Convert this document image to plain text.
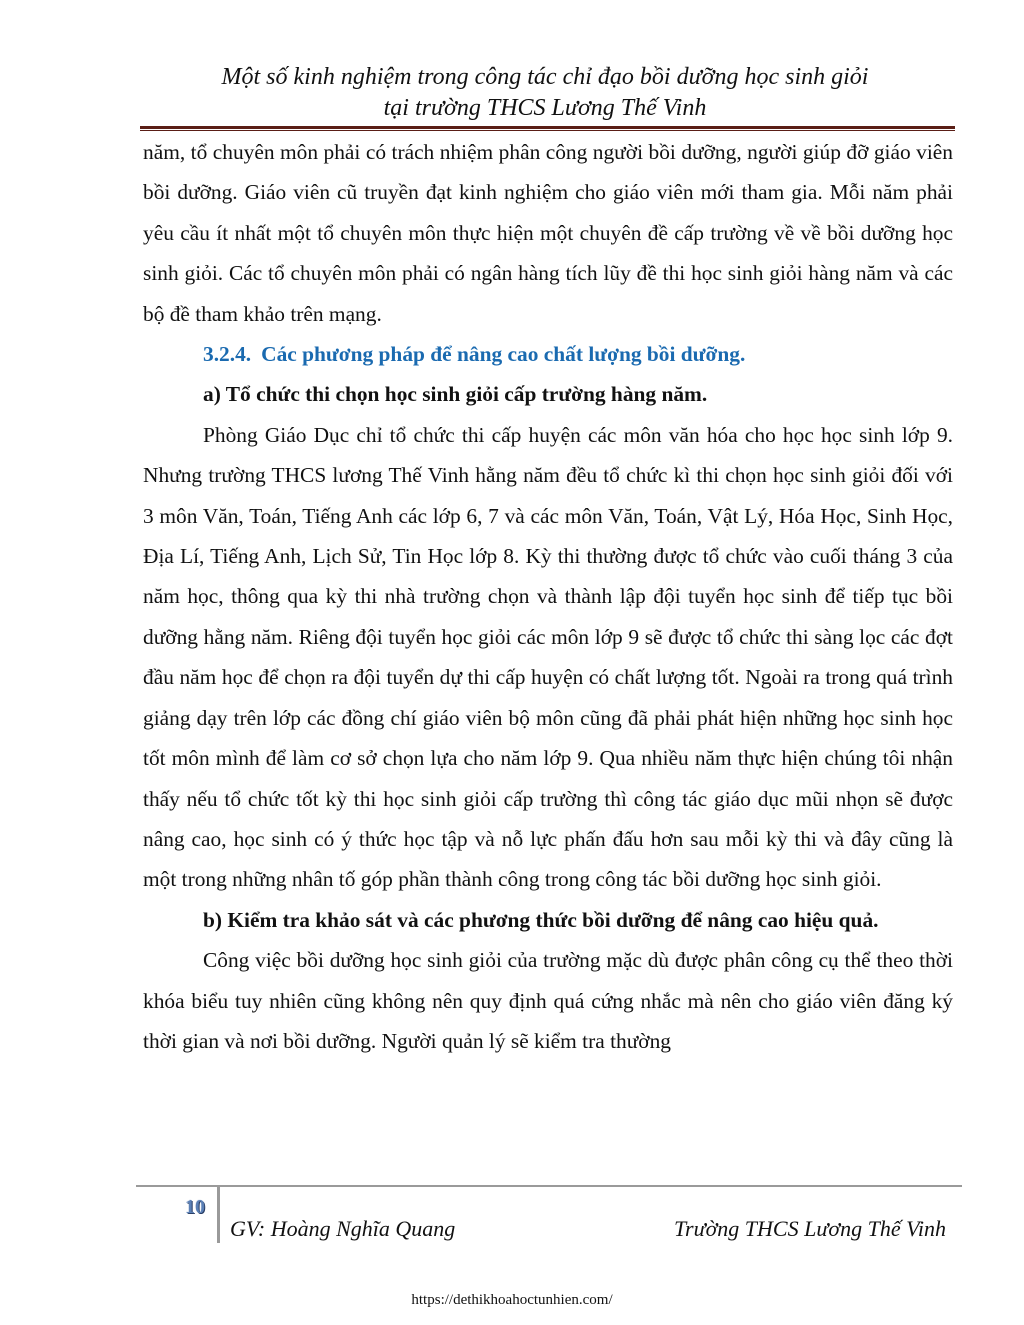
Một số kinh nghiệm trong công tác chỉ đạo bồi dưỡng học sinh giỏi
tại trường THCS Lương Thế Vinh

năm, tổ chuyên môn phải có trách nhiệm phân công người bồi dưỡng, người giúp đỡ giáo viên bồi dưỡng. Giáo viên cũ truyền đạt kinh nghiệm cho giáo viên mới tham gia. Mỗi năm phải yêu cầu ít nhất một tổ chuyên môn thực hiện một chuyên đề cấp trường về về bồi dưỡng học sinh giỏi. Các tổ chuyên môn phải có ngân hàng tích lũy đề thi học sinh giỏi hàng năm và các bộ đề tham khảo trên mạng.

3.2.4. Các phương pháp để nâng cao chất lượng bồi dưỡng.

a) Tổ chức thi chọn học sinh giỏi cấp trường hàng năm.

Phòng Giáo Dục chỉ tổ chức thi cấp huyện các môn văn hóa cho học học sinh lớp 9. Nhưng trường THCS lương Thế Vinh hằng năm đều tổ chức kì thi chọn học sinh giỏi đối với 3 môn Văn, Toán, Tiếng Anh các lớp 6, 7 và các môn Văn, Toán, Vật Lý, Hóa Học, Sinh Học, Địa Lí, Tiếng Anh, Lịch Sử, Tin Học lớp 8. Kỳ thi thường được tổ chức vào cuối tháng 3 của năm học, thông qua kỳ thi nhà trường chọn và thành lập đội tuyển học sinh để tiếp tục bồi dưỡng hằng năm. Riêng đội tuyển học giỏi các môn lớp 9 sẽ được tổ chức thi sàng lọc các đợt đầu năm học để chọn ra đội tuyển dự thi cấp huyện có chất lượng tốt. Ngoài ra trong quá trình giảng dạy trên lớp các đồng chí giáo viên bộ môn cũng đã phải phát hiện những học sinh học tốt môn mình để làm cơ sở chọn lựa cho năm lớp 9. Qua nhiều năm thực hiện chúng tôi nhận thấy nếu tổ chức tốt kỳ thi học sinh giỏi cấp trường thì công tác giáo dục mũi nhọn sẽ được nâng cao, học sinh có ý thức học tập và nỗ lực phấn đấu hơn sau mỗi kỳ thi và đây cũng là một trong những nhân tố góp phần thành công trong công tác bồi dưỡng học sinh giỏi.

b) Kiểm tra khảo sát và các phương thức bồi dưỡng để nâng cao hiệu quả.

Công việc bồi dưỡng học sinh giỏi của trường mặc dù được phân công cụ thể theo thời khóa biểu tuy nhiên cũng không nên quy định quá cứng nhắc mà nên cho giáo viên đăng ký thời gian và nơi bồi dưỡng. Người quản lý sẽ kiểm tra thường

10
GV: Hoàng Nghĩa Quang	Trường THCS Lương Thế Vinh
https://dethikhoahoctunhien.com/
